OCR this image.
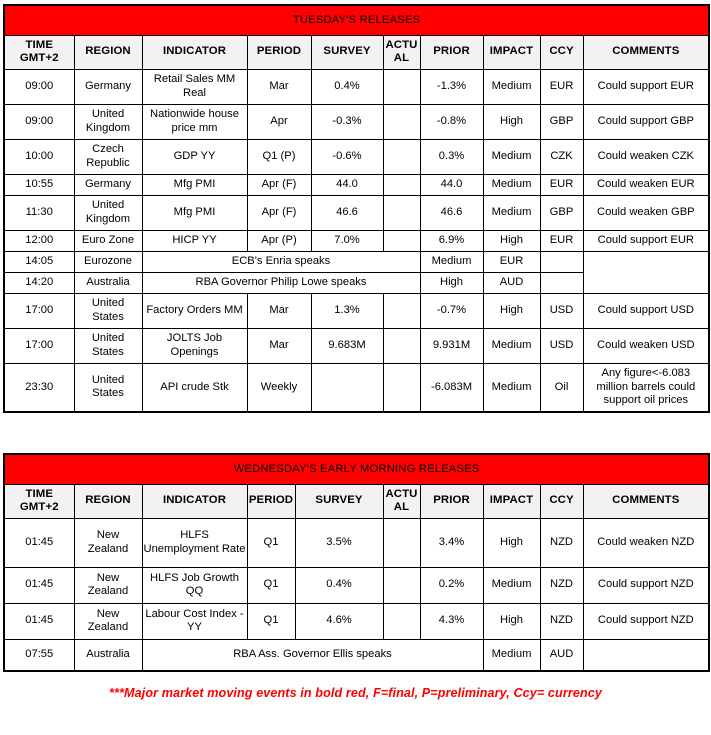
TUESDAY'S RELEASES									
TIME GMT+2	REGION	INDICATOR	PERIOD	SURVEY	ACTUAL	PRIOR	IMPACT	CCY	COMMENTS
09:00	Germany	Retail Sales MM Real	Mar	0.4%		-1.3%	Medium	EUR	Could support EUR
09:00	United Kingdom	Nationwide house price mm	Apr	-0.3%		-0.8%	High	GBP	Could support GBP
10:00	Czech Republic	GDP YY	Q1 (P)	-0.6%		0.3%	Medium	CZK	Could weaken CZK
10:55	Germany	Mfg PMI	Apr (F)	44.0		44.0	Medium	EUR	Could weaken EUR
11:30	United Kingdom	Mfg PMI	Apr (F)	46.6		46.6	Medium	GBP	Could weaken GBP
12:00	Euro Zone	HICP YY	Apr (P)	7.0%		6.9%	High	EUR	Could support EUR
14:05	Eurozone	ECB's Enria speaks				Medium	EUR		
14:20	Australia	RBA Governor Philip Lowe speaks				High	AUD		
17:00	United States	Factory Orders MM	Mar	1.3%		-0.7%	High	USD	Could support USD
17:00	United States	JOLTS Job Openings	Mar	9.683M		9.931M	Medium	USD	Could weaken USD
23:30	United States	API crude Stk	Weekly			-6.083M	Medium	Oil	Any figure<-6.083 million barrels could support oil prices
WEDNESDAY'S EARLY MORNING RELEASES									
TIME GMT+2	REGION	INDICATOR	PERIOD	SURVEY	ACTUAL	PRIOR	IMPACT	CCY	COMMENTS
01:45	New Zealand	HLFS Unemployment Rate	Q1	3.5%		3.4%	High	NZD	Could weaken NZD
01:45	New Zealand	HLFS Job Growth QQ	Q1	0.4%		0.2%	Medium	NZD	Could support NZD
01:45	New Zealand	Labour Cost Index - YY	Q1	4.6%		4.3%	High	NZD	Could support NZD
07:55	Australia	RBA Ass. Governor Ellis speaks					Medium	AUD	
***Major market moving events in bold red, F=final, P=preliminary, Ccy= currency
